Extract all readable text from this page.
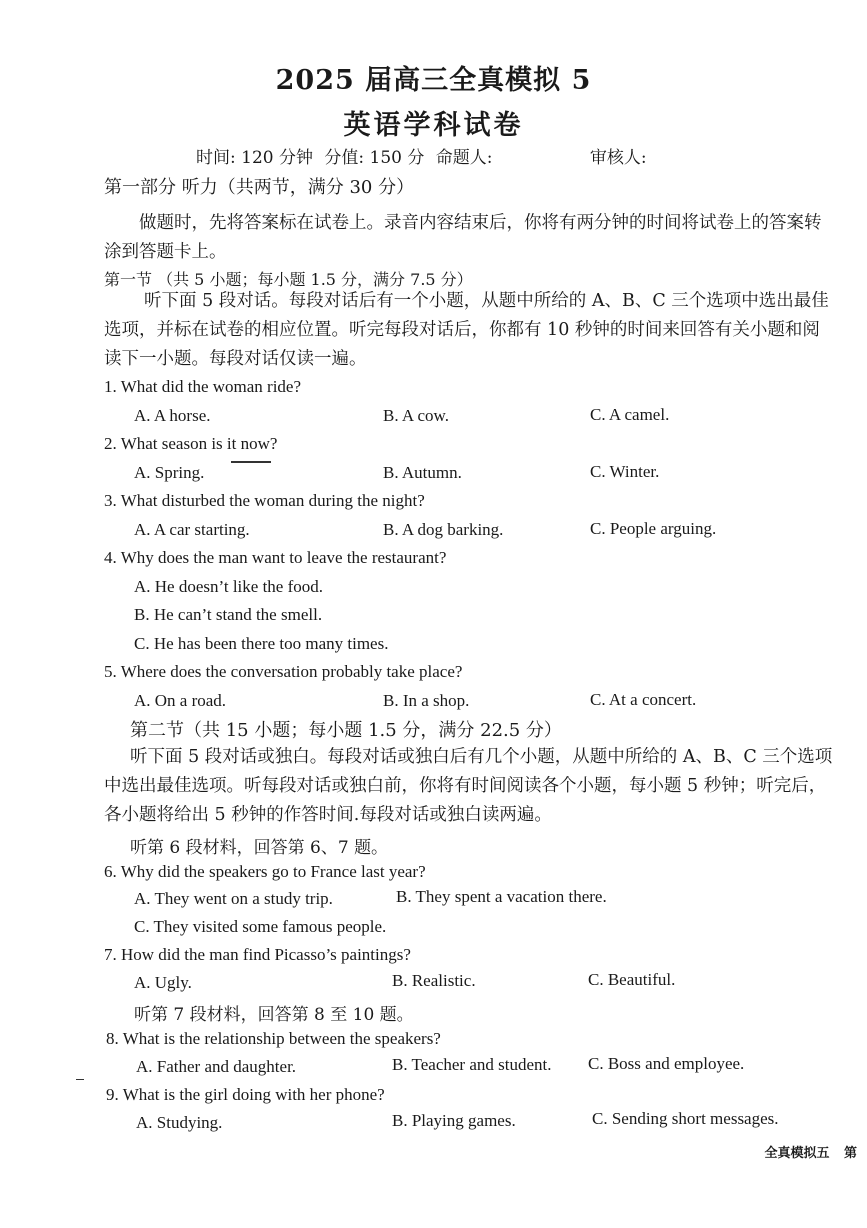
2025 届高三全真模拟 5
英语学科试卷
时间: 120 分钟 分值: 150 分 命题人:	审核人:
第一部分 听力（共两节，满分 30 分）
做题时，先将答案标在试卷上。录音内容结束后，你将有两分钟的时间将试卷上的答案转涂到答题卡上。
第一节 （共 5 小题；每小题 1.5 分，满分 7.5 分）
听下面 5 段对话。每段对话后有一个小题，从题中所给的 A、B、C 三个选项中选出最佳选项，并标在试卷的相应位置。听完每段对话后，你都有 10 秒钟的时间来回答有关小题和阅读下一小题。每段对话仅读一遍。
1. What did the woman ride?
A. A horse.	B. A cow.	C. A camel.
2. What season is it now?
A. Spring.	B. Autumn.	C. Winter.
3. What disturbed the woman during the night?
A. A car starting.	B. A dog barking.	C. People arguing.
4. Why does the man want to leave the restaurant?
A. He doesn’t like the food.
B. He can’t stand the smell.
C. He has been there too many times.
5. Where does the conversation probably take place?
A. On a road.	B. In a shop.	C. At a concert.
第二节（共 15 小题；每小题 1.5 分，满分 22.5 分）
听下面 5 段对话或独白。每段对话或独白后有几个小题，从题中所给的 A、B、C 三个选项中选出最佳选项。听每段对话或独白前，你将有时间阅读各个小题，每小题 5 秒钟；听完后，各小题将给出 5 秒钟的作答时间.每段对话或独白读两遍。
听第 6 段材料，回答第 6、7 题。
6. Why did the speakers go to France last year?
A. They went on a study trip.	B. They spent a vacation there.
C. They visited some famous people.
7. How did the man find Picasso’s paintings?
A. Ugly.	B. Realistic.	C. Beautiful.
听第 7 段材料，回答第 8 至 10 题。
8. What is the relationship between the speakers?
A. Father and daughter.	B. Teacher and student. C. Boss and employee.
9. What is the girl doing with her phone?
A. Studying.	B. Playing games.	C. Sending short messages.
全真模拟五 第
